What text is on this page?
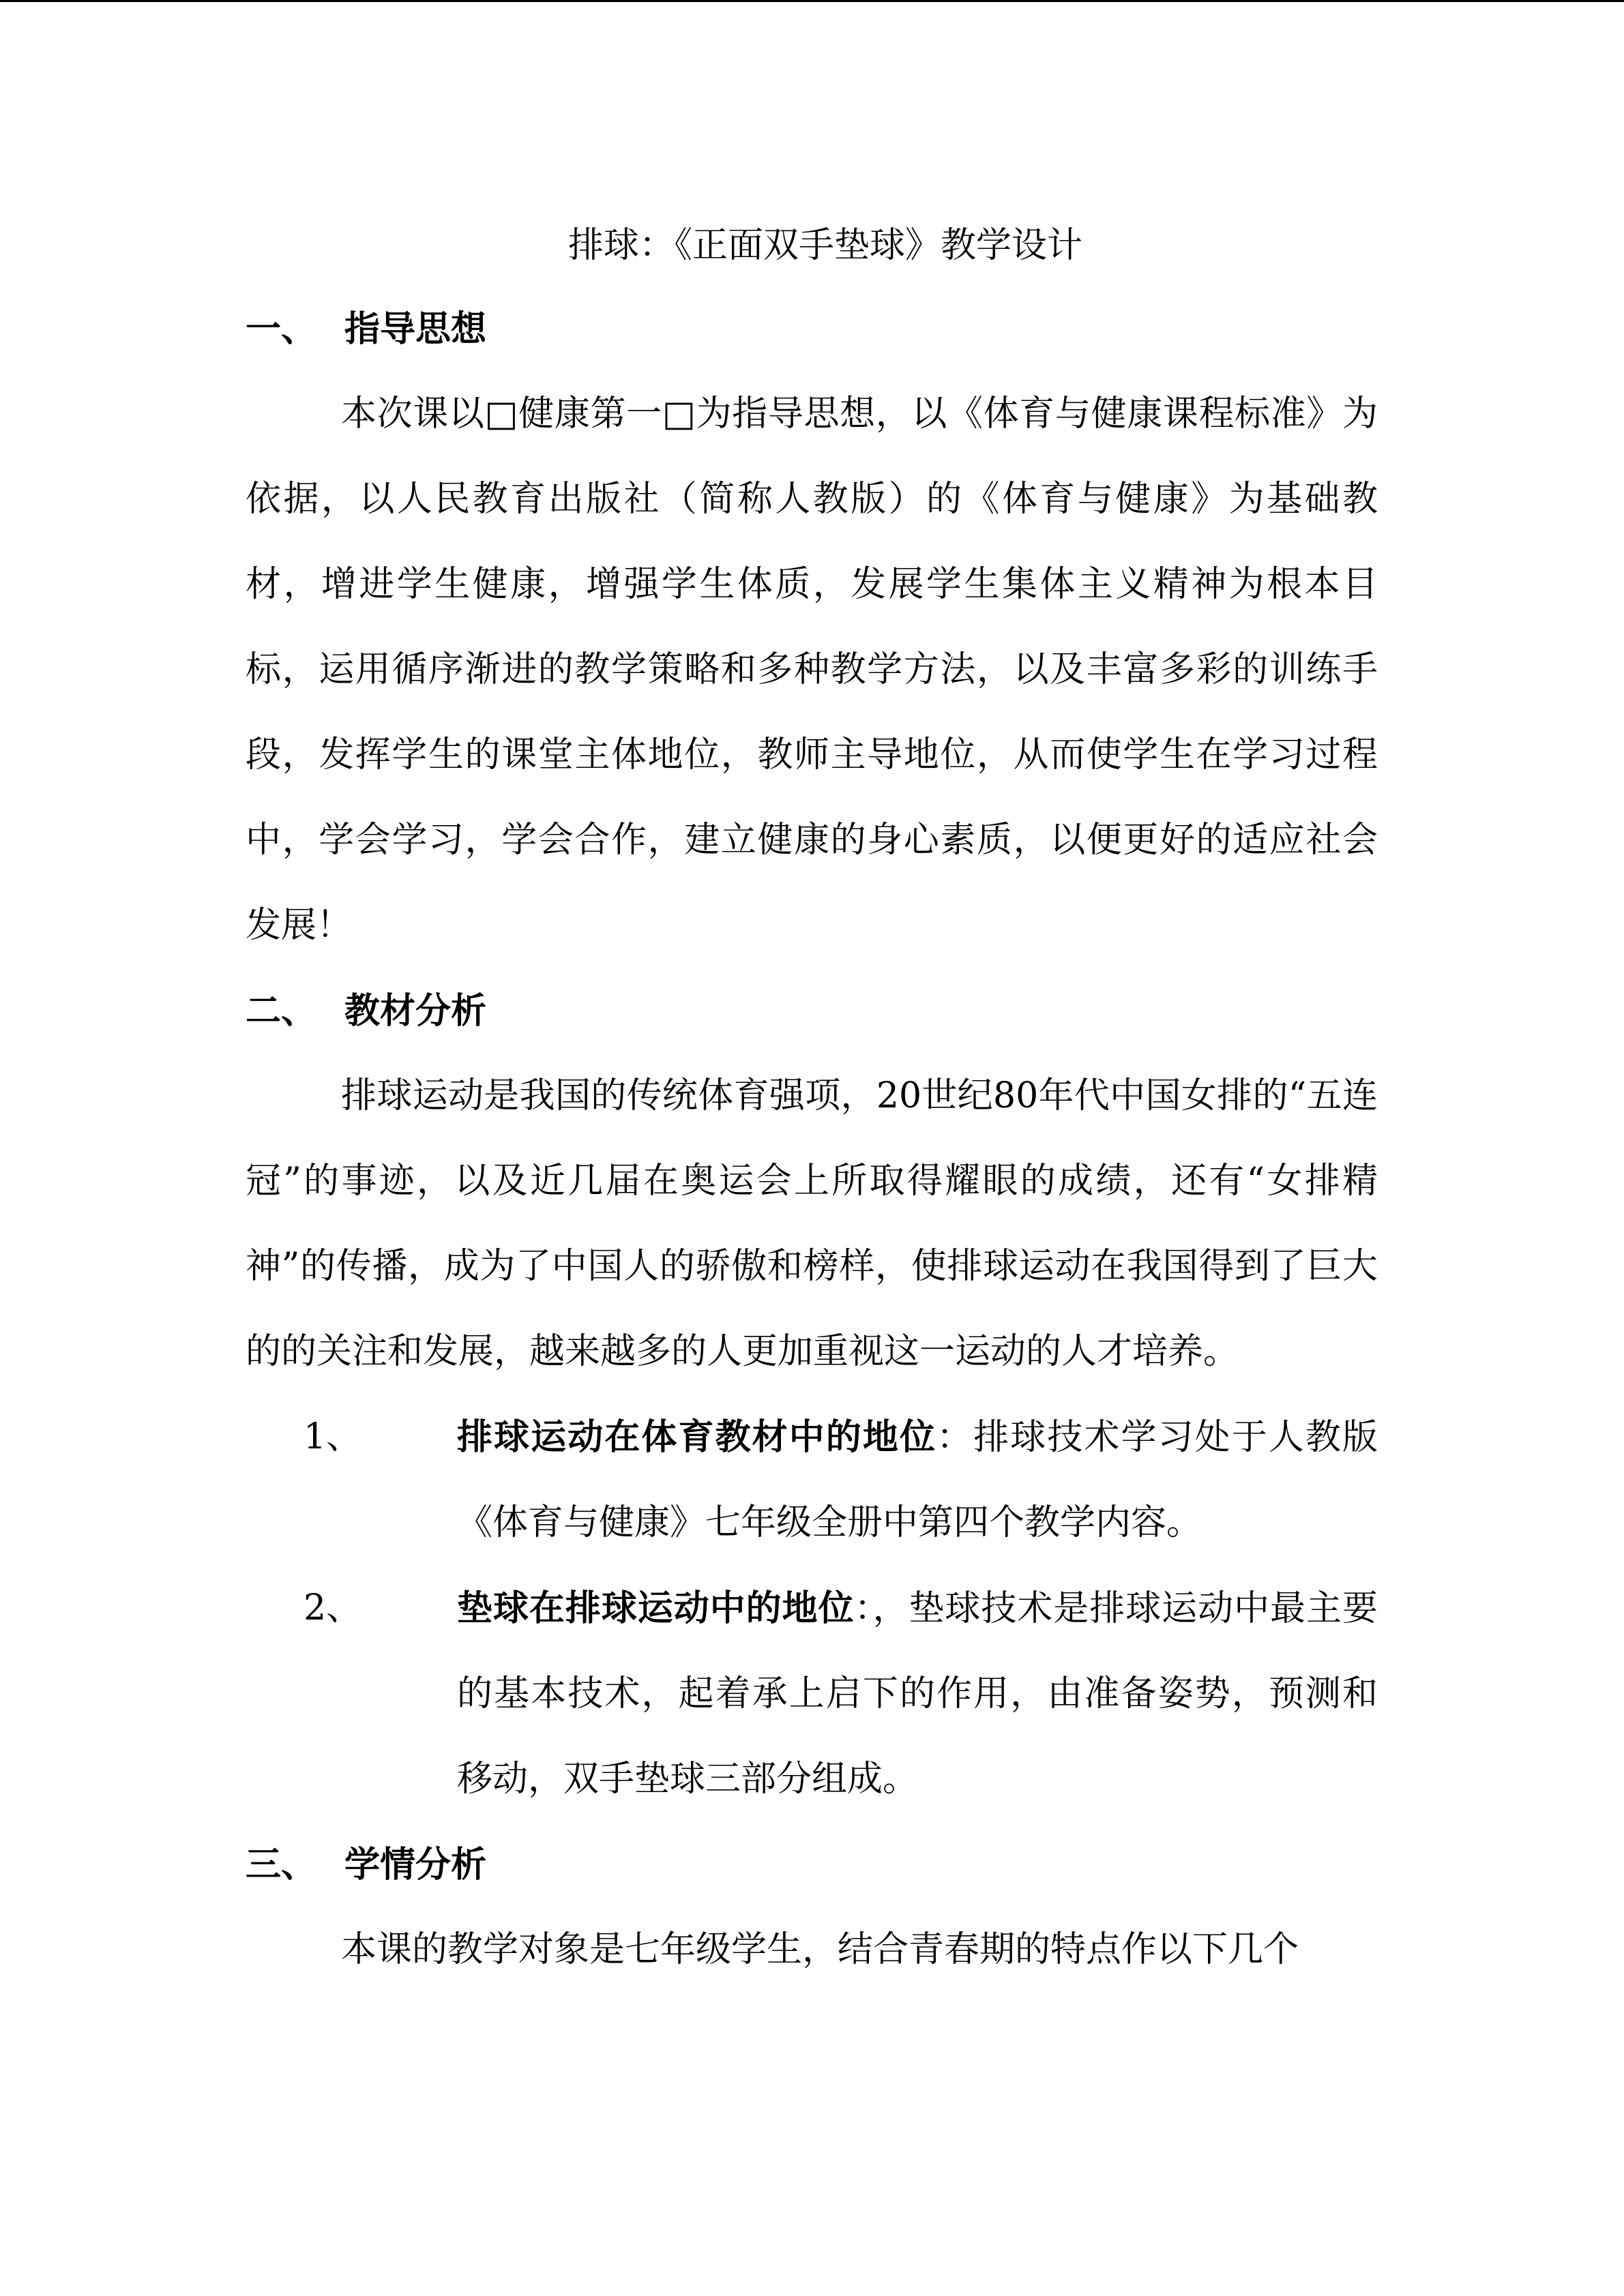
排球：《正面双手垫球》教学设计
一、 指导思想

本次课以□健康第一□为指导思想，以《体育与健康课程标准》为依据，以人民教育出版社（简称人教版）的《体育与健康》为基础教材，增进学生健康，增强学生体质，发展学生集体主义精神为根本目标，运用循序渐进的教学策略和多种教学方法，以及丰富多彩的训练手段，发挥学生的课堂主体地位，教师主导地位，从而使学生在学习过程中，学会学习，学会合作，建立健康的身心素质，以便更好的适应社会发展！

二、 教材分析

排球运动是我国的传统体育强项，20世纪80年代中国女排的“五连冠”的事迹，以及近几届在奥运会上所取得耀眼的成绩，还有“女排精神”的传播，成为了中国人的骄傲和榜样，使排球运动在我国得到了巨大的的关注和发展，越来越多的人更加重视这一运动的人才培养。

1、	排球运动在体育教材中的地位：排球技术学习处于人教版《体育与健康》七年级全册中第四个教学内容。
2、	垫球在排球运动中的地位：，垫球技术是排球运动中最主要的基本技术，起着承上启下的作用，由准备姿势，预测和移动，双手垫球三部分组成。
三、 学情分析

本课的教学对象是七年级学生，结合青春期的特点作以下几个
